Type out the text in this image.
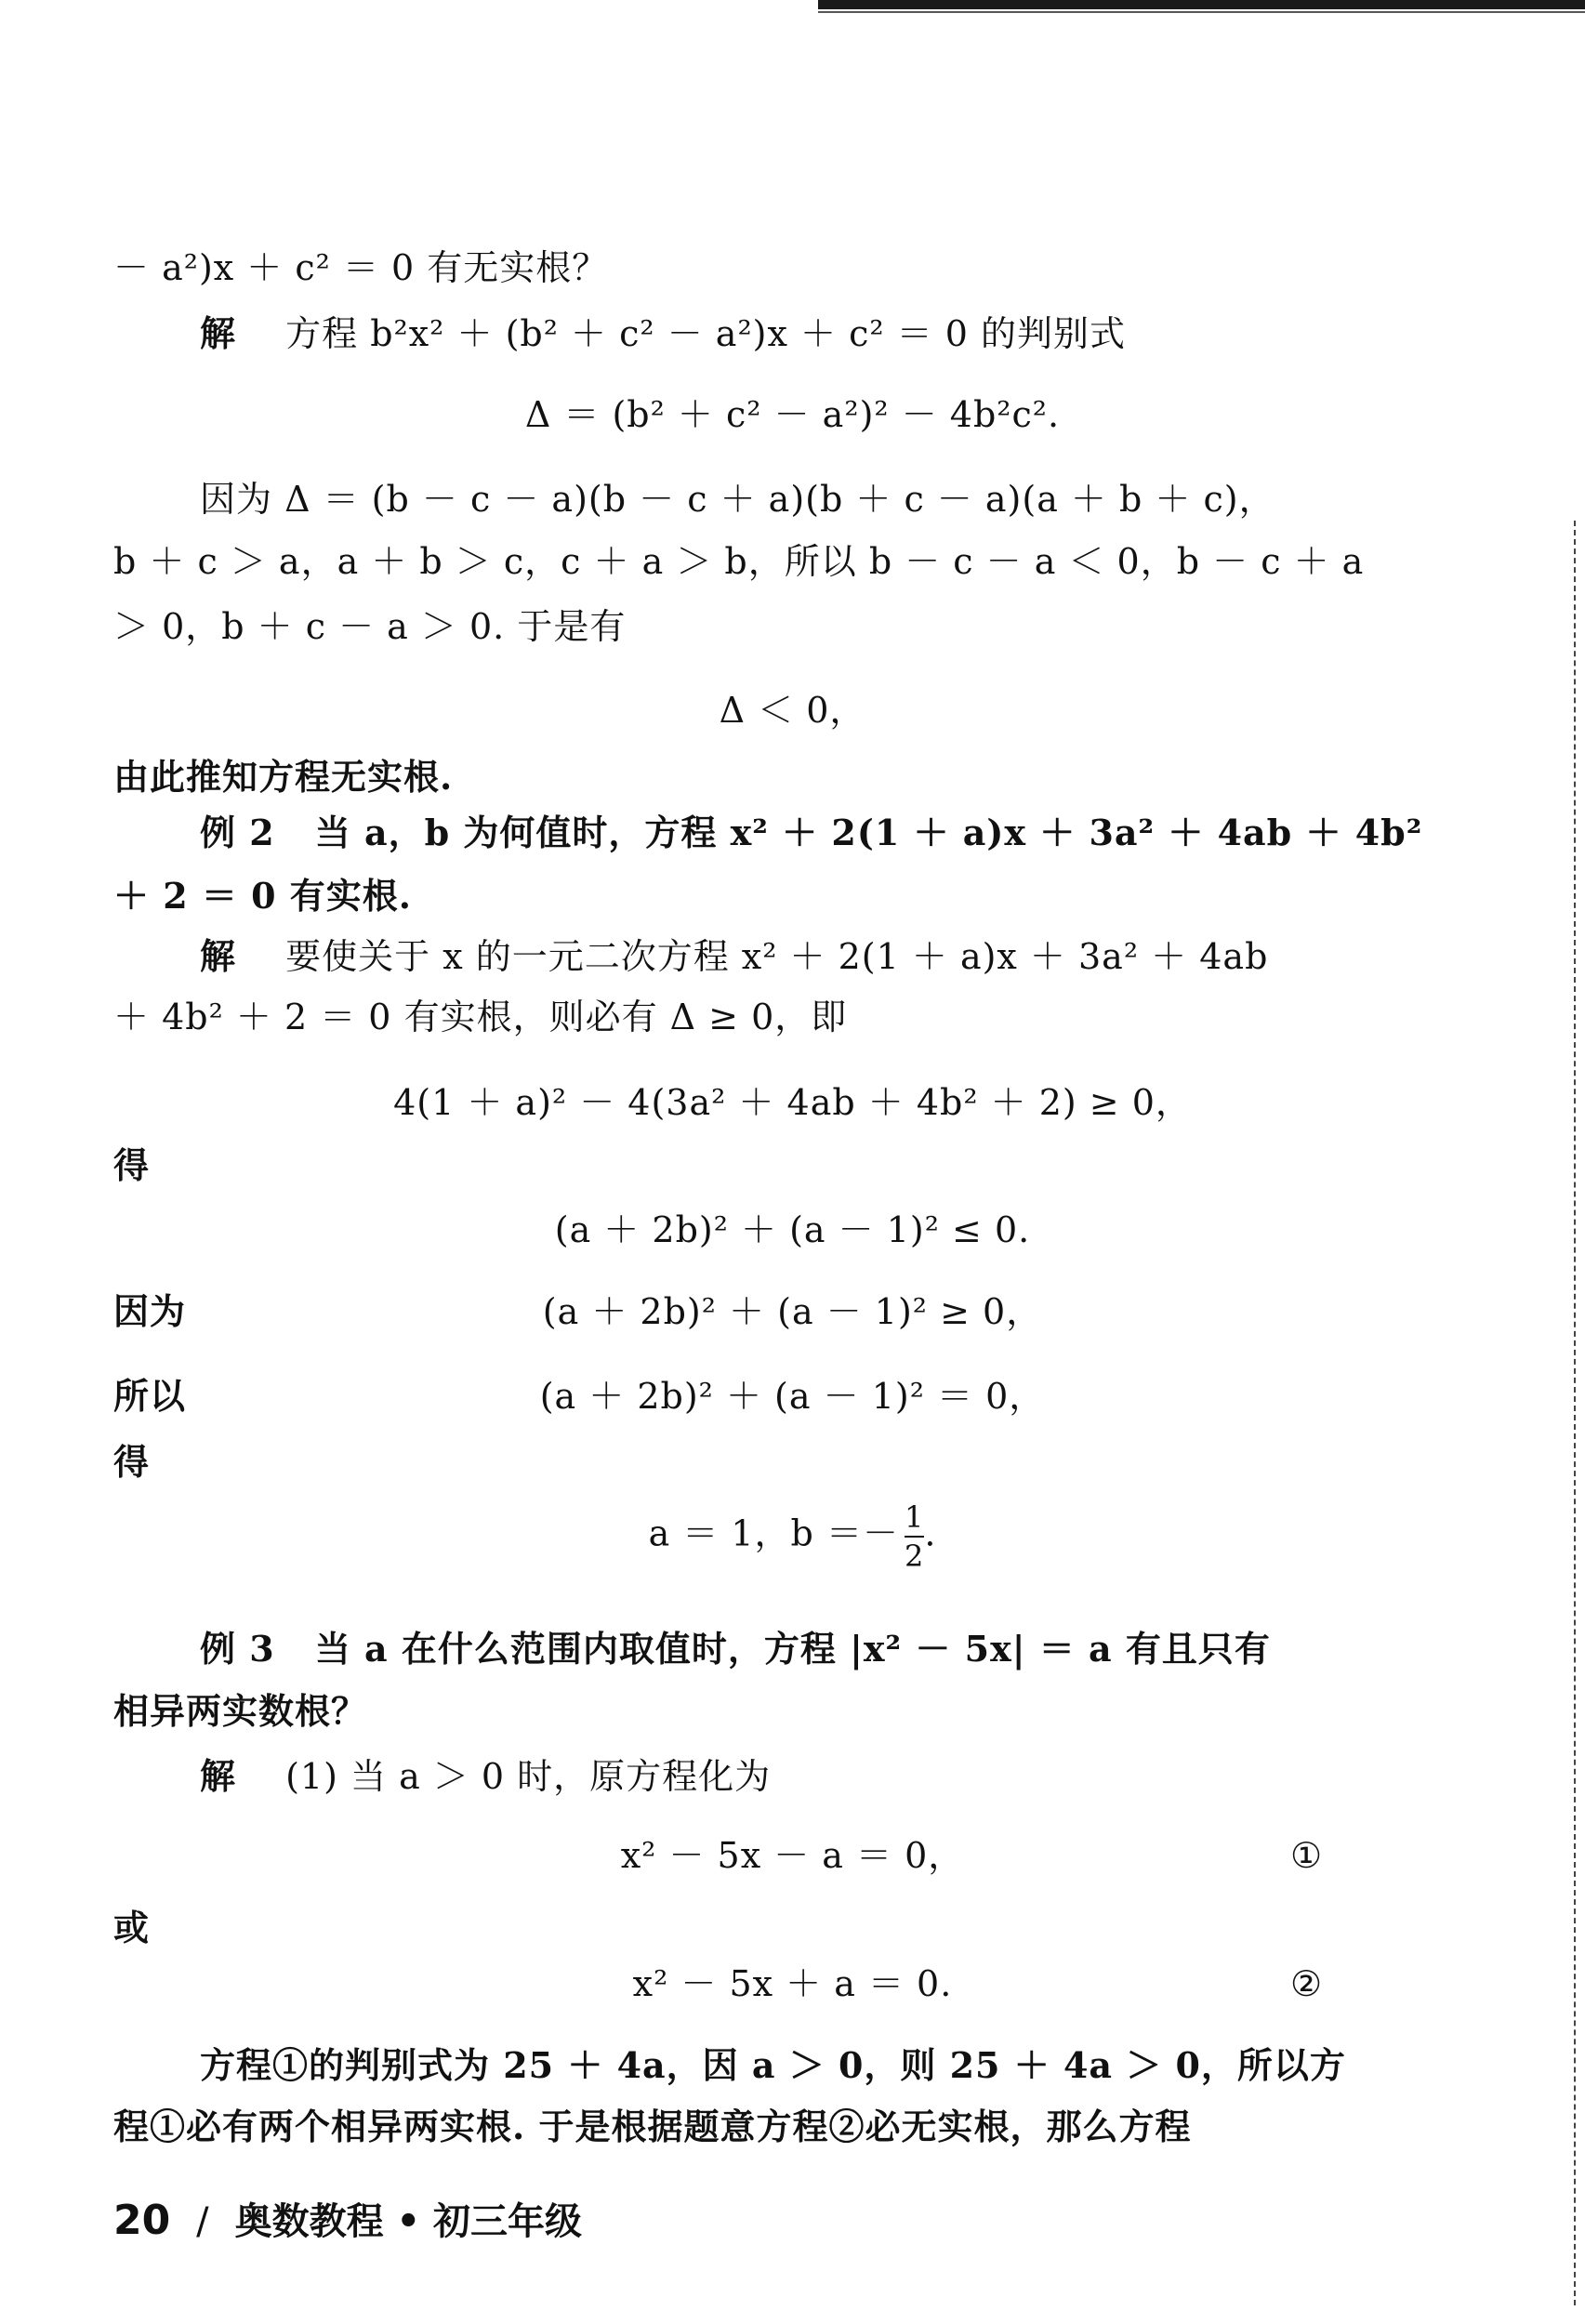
－ a²)x ＋ c² ＝ 0 有无实根？

解 方程 b²x² ＋ (b² ＋ c² － a²)x ＋ c² ＝ 0 的判别式

Δ ＝ (b² ＋ c² － a²)² － 4b²c².

因为 Δ ＝ (b － c － a)(b － c ＋ a)(b ＋ c － a)(a ＋ b ＋ c)，

b ＋ c ＞ a，a ＋ b ＞ c，c ＋ a ＞ b，所以 b － c － a ＜ 0，b － c ＋ a

＞ 0，b ＋ c － a ＞ 0. 于是有

Δ ＜ 0，

由此推知方程无实根.

例 2 当 a，b 为何值时，方程 x² ＋ 2(1 ＋ a)x ＋ 3a² ＋ 4ab ＋ 4b²

＋ 2 ＝ 0 有实根.

解 要使关于 x 的一元二次方程 x² ＋ 2(1 ＋ a)x ＋ 3a² ＋ 4ab

＋ 4b² ＋ 2 ＝ 0 有实根，则必有 Δ ≥ 0，即

4(1 ＋ a)² － 4(3a² ＋ 4ab ＋ 4b² ＋ 2) ≥ 0，

得

(a ＋ 2b)² ＋ (a － 1)² ≤ 0.

因为	(a ＋ 2b)² ＋ (a － 1)² ≥ 0，

所以	(a ＋ 2b)² ＋ (a － 1)² ＝ 0，

得

a ＝ 1，$b =- \frac{1}{2}$ .

例 3 当 a 在什么范围内取值时，方程 |x² － 5x| ＝ a 有且只有

相异两实数根？

解 (1) 当 a ＞ 0 时，原方程化为

x² － 5x － a ＝ 0，	①

或

x² － 5x ＋ a ＝ 0.	②

方程①的判别式为 25 ＋ 4a，因 a ＞ 0，则 25 ＋ 4a ＞ 0，所以方

程①必有两个相异两实根. 于是根据题意方程②必无实根，那么方程

20 / 奥数教程 • 初三年级
